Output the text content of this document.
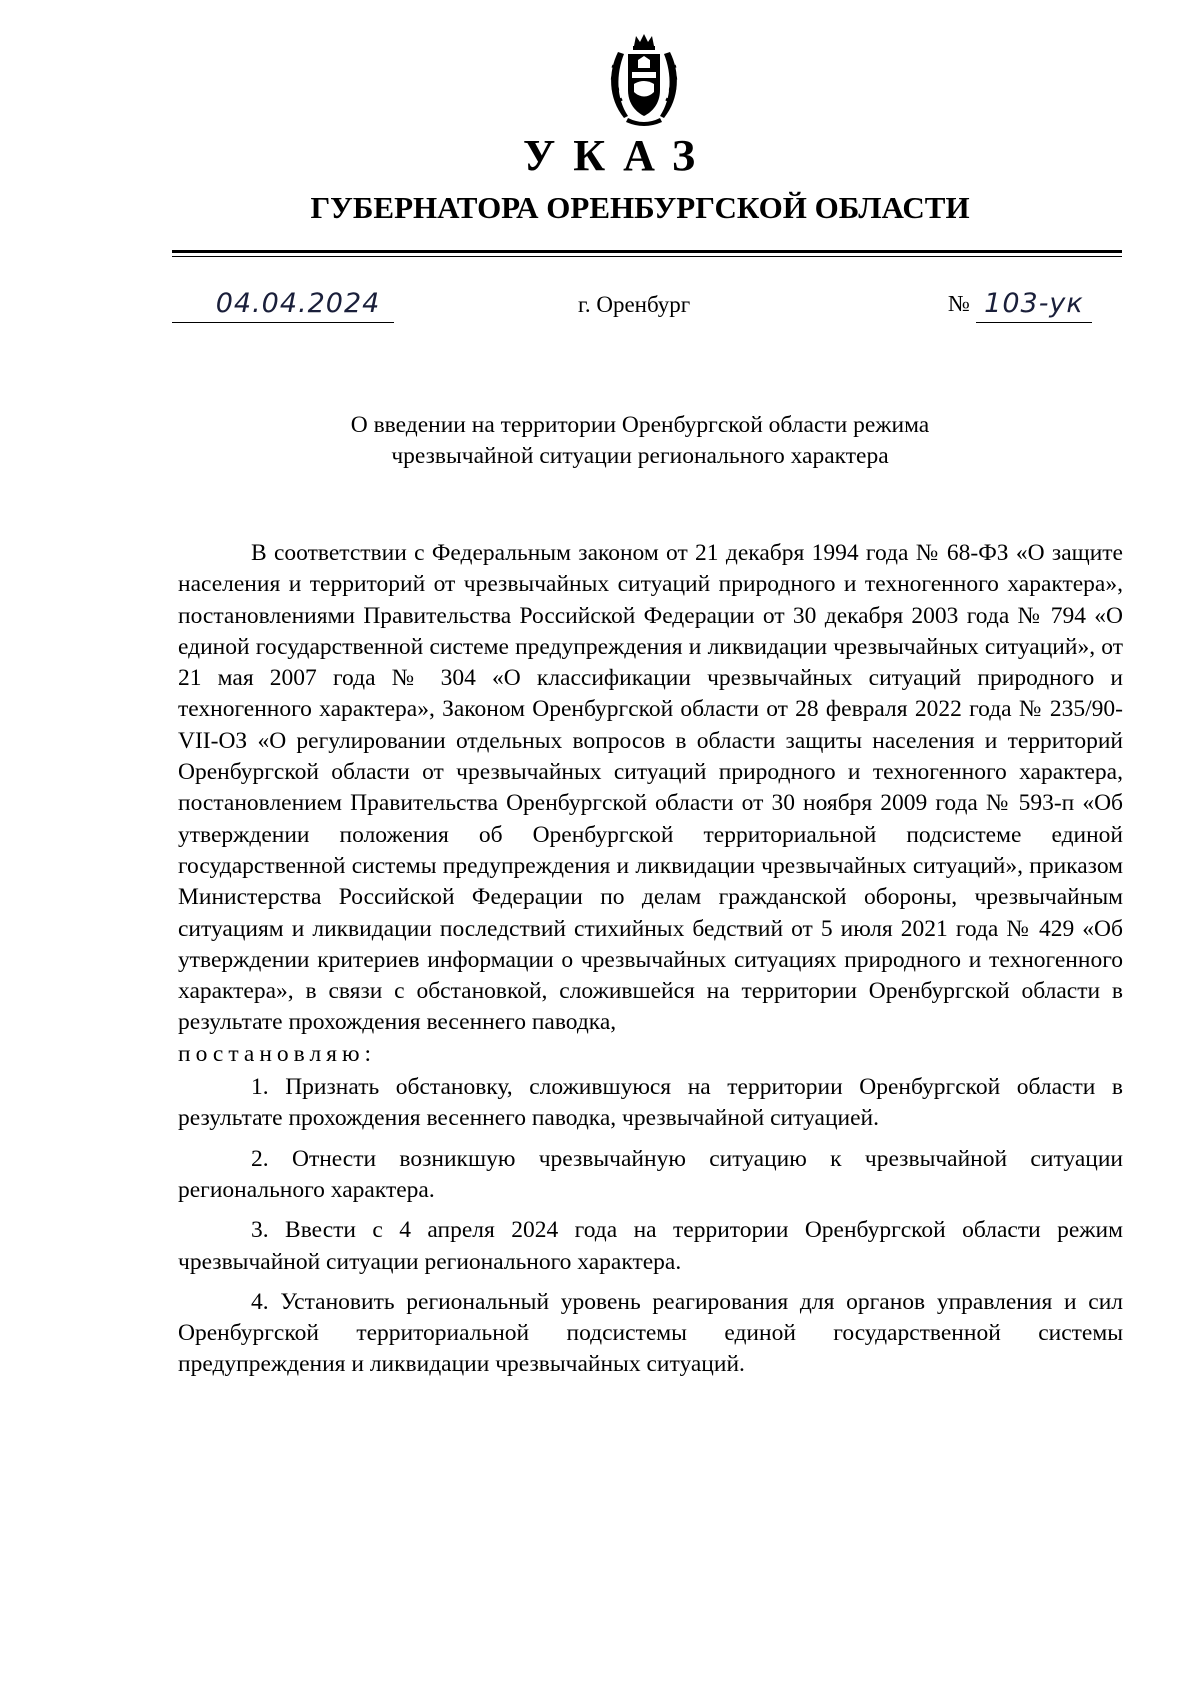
УКАЗ
ГУБЕРНАТОРА ОРЕНБУРГСКОЙ ОБЛАСТИ
04.04.2024	г. Оренбург	№ 103-ук
О введении на территории Оренбургской области режима
чрезвычайной ситуации регионального характера

В соответствии с Федеральным законом от 21 декабря 1994 года № 68-ФЗ «О защите населения и территорий от чрезвычайных ситуаций природного и техногенного характера», постановлениями Правительства Российской Федерации от 30 декабря 2003 года № 794 «О единой государственной системе предупреждения и ликвидации чрезвычайных ситуаций», от 21 мая 2007 года № 304 «О классификации чрезвычайных ситуаций природного и техногенного характера», Законом Оренбургской области от 28 февраля 2022 года № 235/90-VII-ОЗ «О регулировании отдельных вопросов в области защиты населения и территорий Оренбургской области от чрезвычайных ситуаций природного и техногенного характера, постановлением Правительства Оренбургской области от 30 ноября 2009 года № 593-п «Об утверждении положения об Оренбургской территориальной подсистеме единой государственной системы предупреждения и ликвидации чрезвычайных ситуаций», приказом Министерства Российской Федерации по делам гражданской обороны, чрезвычайным ситуациям и ликвидации последствий стихийных бедствий от 5 июля 2021 года № 429 «Об утверждении критериев информации о чрезвычайных ситуациях природного и техногенного характера», в связи с обстановкой, сложившейся на территории Оренбургской области в результате прохождения весеннего паводка,

постановляю:

1. Признать обстановку, сложившуюся на территории Оренбургской области в результате прохождения весеннего паводка, чрезвычайной ситуацией.

2. Отнести возникшую чрезвычайную ситуацию к чрезвычайной ситуации регионального характера.

3. Ввести с 4 апреля 2024 года на территории Оренбургской области режим чрезвычайной ситуации регионального характера.

4. Установить региональный уровень реагирования для органов управления и сил Оренбургской территориальной подсистемы единой государственной системы предупреждения и ликвидации чрезвычайных ситуаций.
